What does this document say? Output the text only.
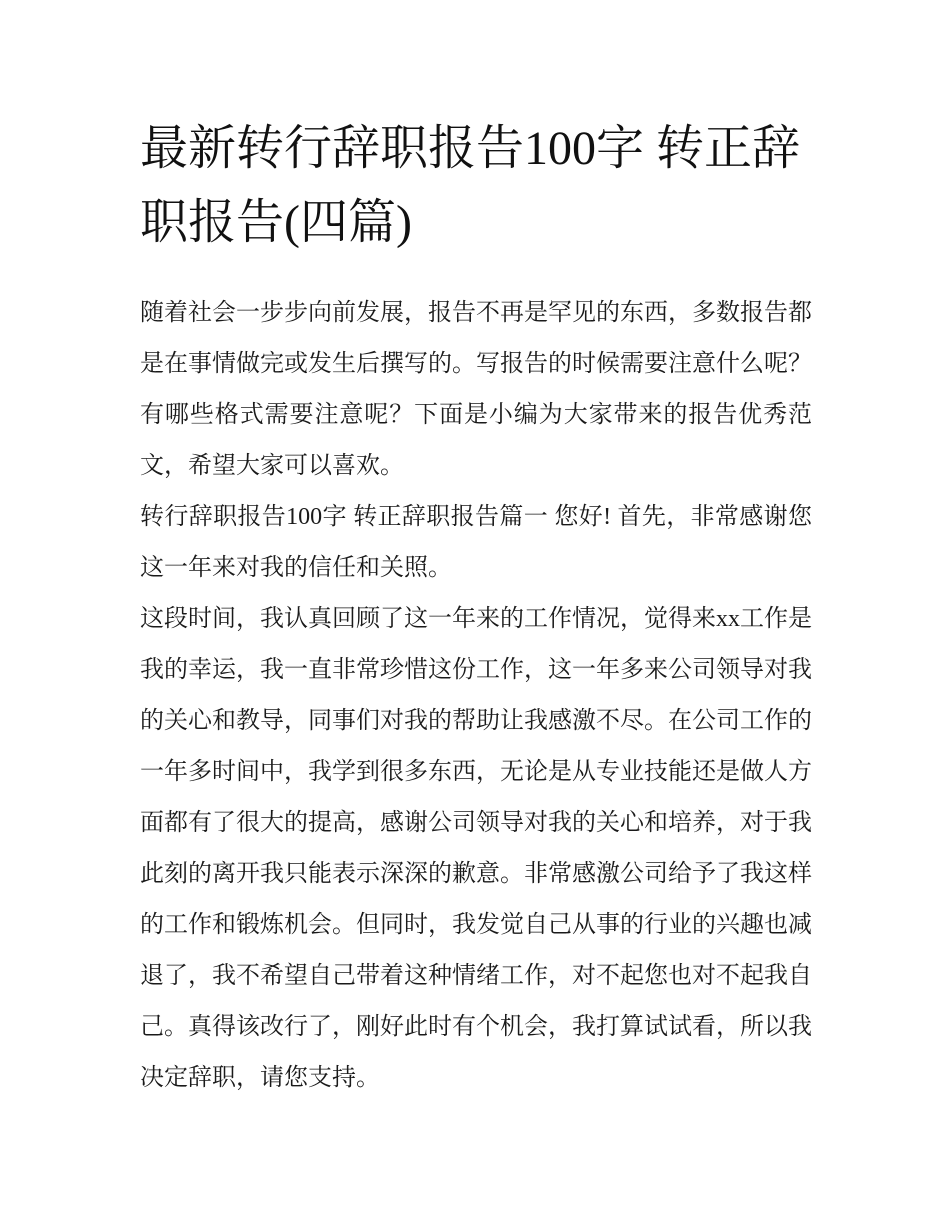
最新转行辞职报告100字 转正辞职报告(四篇)

随着社会一步步向前发展，报告不再是罕见的东西，多数报告都是在事情做完或发生后撰写的。写报告的时候需要注意什么呢？有哪些格式需要注意呢？下面是小编为大家带来的报告优秀范文，希望大家可以喜欢。

转行辞职报告100字 转正辞职报告篇一 您好! 首先，非常感谢您这一年来对我的信任和关照。

这段时间，我认真回顾了这一年来的工作情况，觉得来xx工作是我的幸运，我一直非常珍惜这份工作，这一年多来公司领导对我的关心和教导，同事们对我的帮助让我感激不尽。在公司工作的一年多时间中，我学到很多东西，无论是从专业技能还是做人方面都有了很大的提高，感谢公司领导对我的关心和培养，对于我此刻的离开我只能表示深深的歉意。非常感激公司给予了我这样的工作和锻炼机会。但同时，我发觉自己从事的行业的兴趣也减退了，我不希望自己带着这种情绪工作，对不起您也对不起我自己。真得该改行了，刚好此时有个机会，我打算试试看，所以我决定辞职，请您支持。
